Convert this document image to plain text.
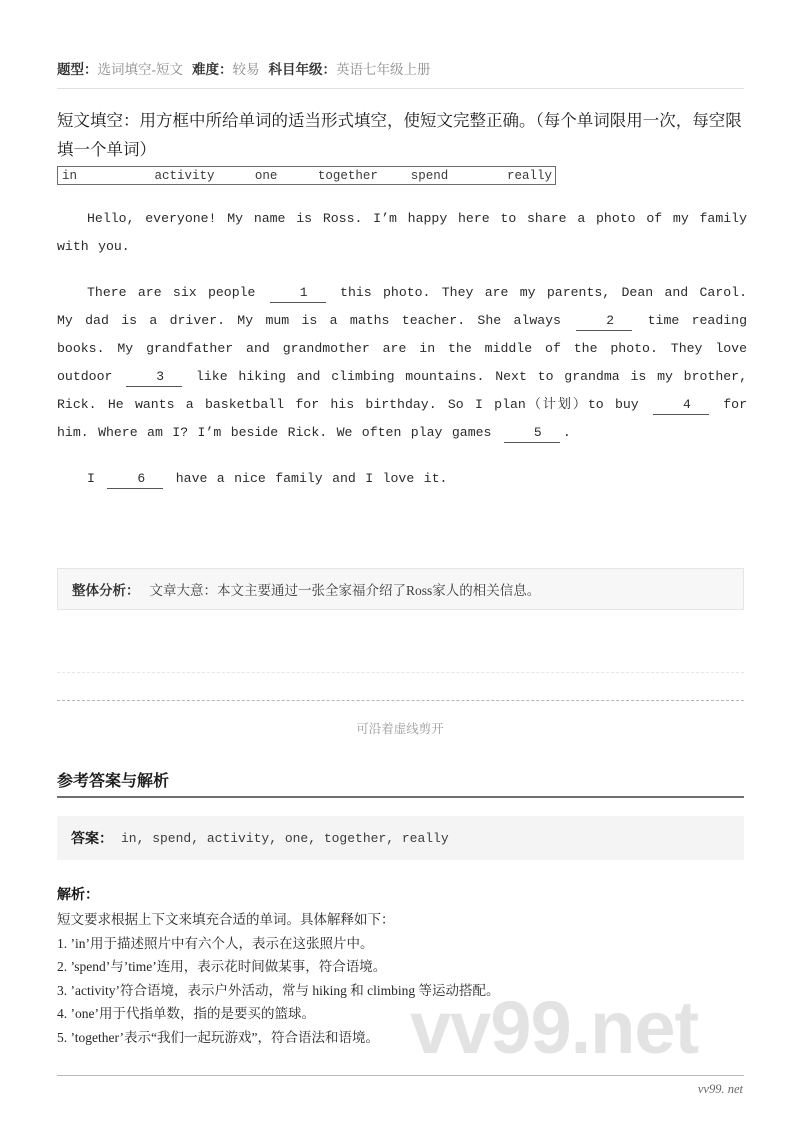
vv99.net
题型：选词填空-短文 难度：较易 科目年级：英语七年级上册
短文填空：用方框中所给单词的适当形式填空，使短文完整正确。（每个单词限用一次，每空限填一个单词）
in	activity	one	together	spend	really

Hello, everyone! My name is Ross. I’m happy here to share a photo of my family with you.

There are six people	1 this photo. They are my parents, Dean and Carol. My dad is a driver. My mum is a maths teacher. She always	2 time reading books. My grandfather and grandmother are in the middle of the photo. They love outdoor	3 like hiking and climbing mountains. Next to grandma is my brother, Rick. He wants a basketball for his birthday. So I plan（计划）to buy	4 for him. Where am I? I’m beside Rick. We often play games	5 .

I	6 have a nice family and I love it.

整体分析： 文章大意：本文主要通过一张全家福介绍了Ross家人的相关信息。
可沿着虚线剪开
参考答案与解析
答案： in, spend, activity, one, together, really
解析：
短文要求根据上下文来填充合适的单词。具体解释如下：
1. ’in’用于描述照片中有六个人，表示在这张照片中。
2. ’spend’与’time’连用，表示花时间做某事，符合语境。
3. ’activity’符合语境，表示户外活动，常与 hiking 和 climbing 等运动搭配。
4. ’one’用于代指单数，指的是要买的篮球。
5. ’together’表示“我们一起玩游戏”，符合语法和语境。
vv99. net
